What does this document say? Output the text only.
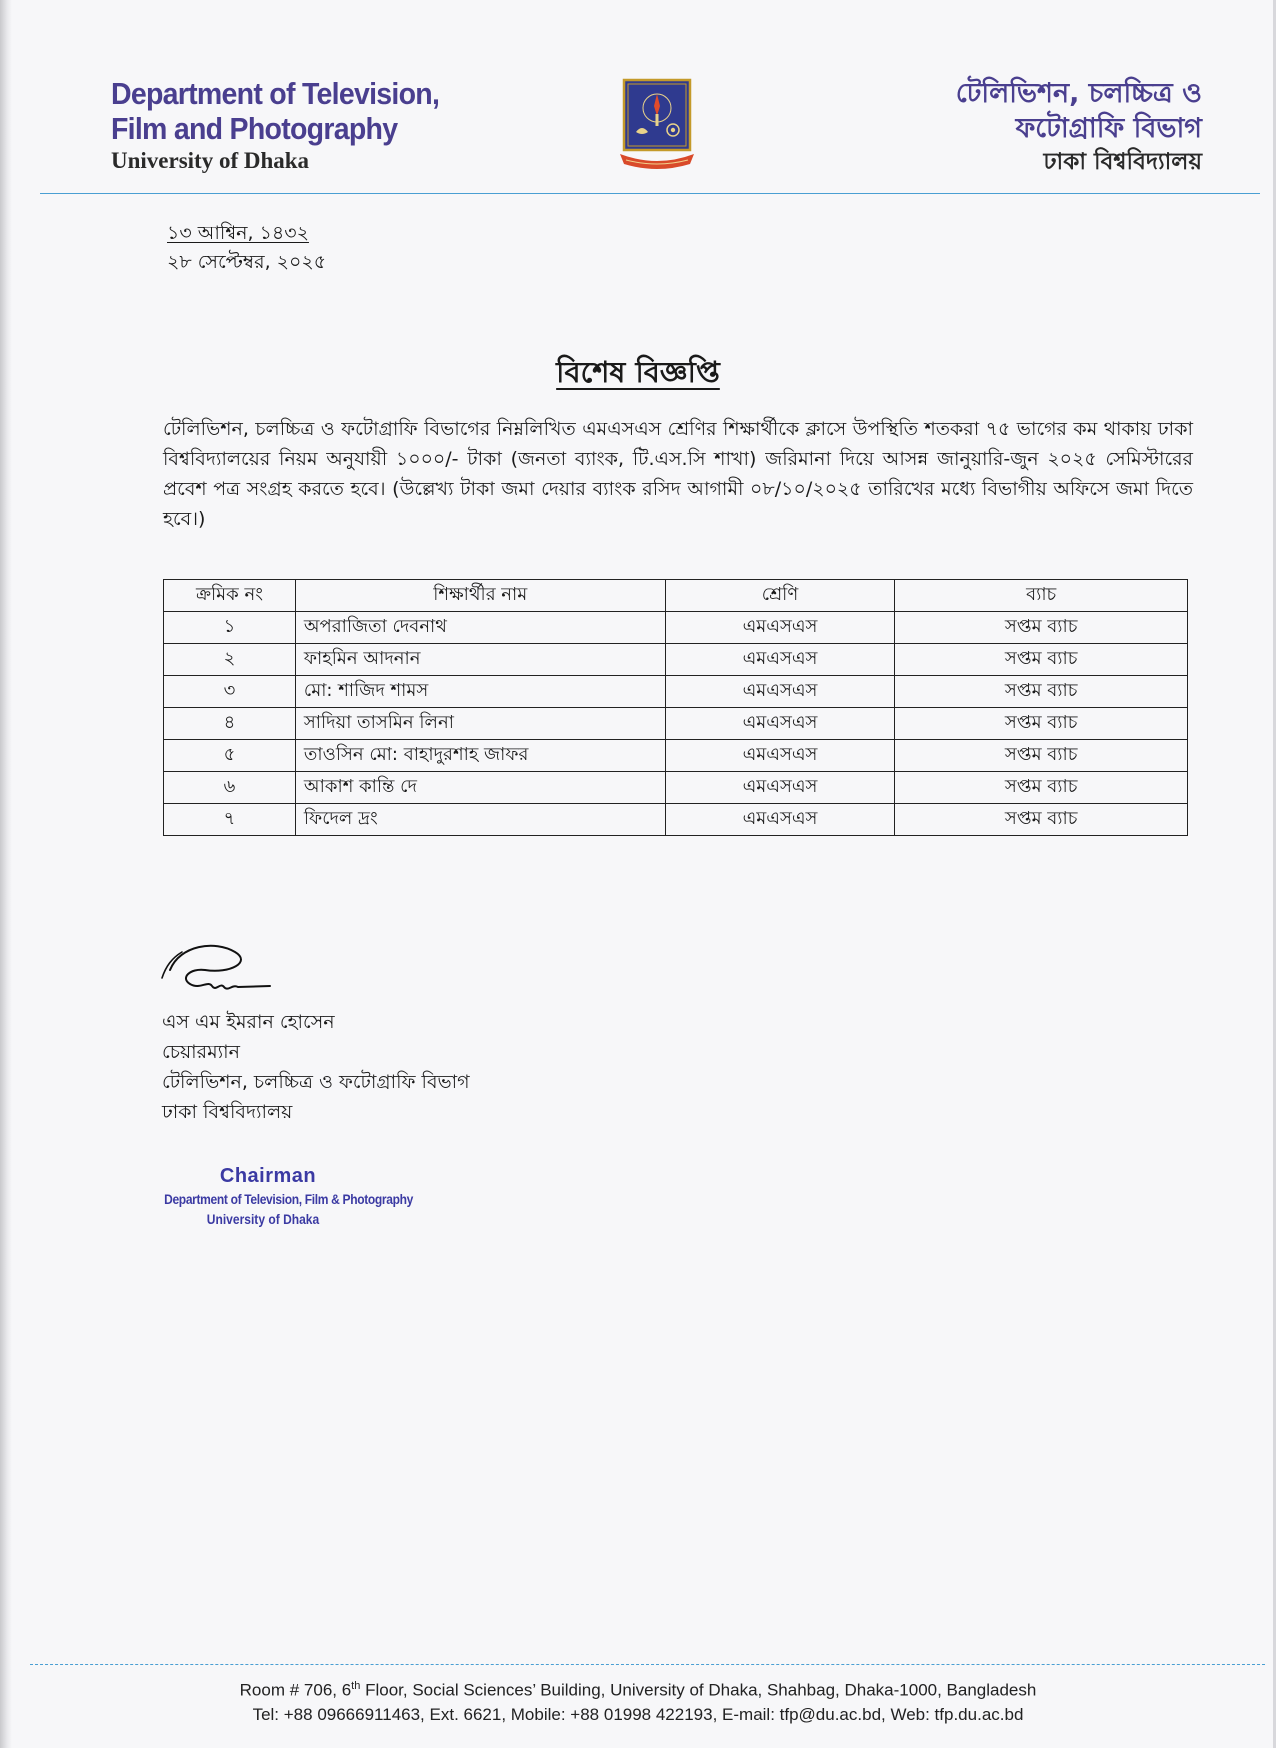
Department of Television,
Film and Photography
University of Dhaka
টেলিভিশন, চলচ্চিত্র ও
ফটোগ্রাফি বিভাগ
ঢাকা বিশ্ববিদ্যালয়
১৩ আশ্বিন, ১৪৩২
২৮ সেপ্টেম্বর, ২০২৫
বিশেষ বিজ্ঞপ্তি
টেলিভিশন, চলচ্চিত্র ও ফটোগ্রাফি বিভাগের নিম্নলিখিত এমএসএস শ্রেণির শিক্ষার্থীকে ক্লাসে উপস্থিতি শতকরা ৭৫ ভাগের কম থাকায় ঢাকা বিশ্ববিদ্যালয়ের নিয়ম অনুযায়ী ১০০০/- টাকা (জনতা ব্যাংক, টি.এস.সি শাখা) জরিমানা দিয়ে আসন্ন জানুয়ারি-জুন ২০২৫ সেমিস্টারের প্রবেশ পত্র সংগ্রহ করতে হবে। (উল্লেখ্য টাকা জমা দেয়ার ব্যাংক রসিদ আগামী ০৮/১০/২০২৫ তারিখের মধ্যে বিভাগীয় অফিসে জমা দিতে হবে।)
ক্রমিক নং	শিক্ষার্থীর নাম	শ্রেণি	ব্যাচ
১	অপরাজিতা দেবনাথ	এমএসএস	সপ্তম ব্যাচ
২	ফাহমিন আদনান	এমএসএস	সপ্তম ব্যাচ
৩	মো: শাজিদ শামস	এমএসএস	সপ্তম ব্যাচ
৪	সাদিয়া তাসমিন লিনা	এমএসএস	সপ্তম ব্যাচ
৫	তাওসিন মো: বাহাদুরশাহ জাফর	এমএসএস	সপ্তম ব্যাচ
৬	আকাশ কান্তি দে	এমএসএস	সপ্তম ব্যাচ
৭	ফিদেল দ্রং	এমএসএস	সপ্তম ব্যাচ
এস এম ইমরান হোসেন
চেয়ারম্যান
টেলিভিশন, চলচ্চিত্র ও ফটোগ্রাফি বিভাগ
ঢাকা বিশ্ববিদ্যালয়
Chairman
Department of Television, Film & Photography
University of Dhaka
Room # 706, 6th Floor, Social Sciences’ Building, University of Dhaka, Shahbag, Dhaka-1000, Bangladesh
Tel: +88 09666911463, Ext. 6621, Mobile: +88 01998 422193, E-mail: tfp@du.ac.bd, Web: tfp.du.ac.bd
